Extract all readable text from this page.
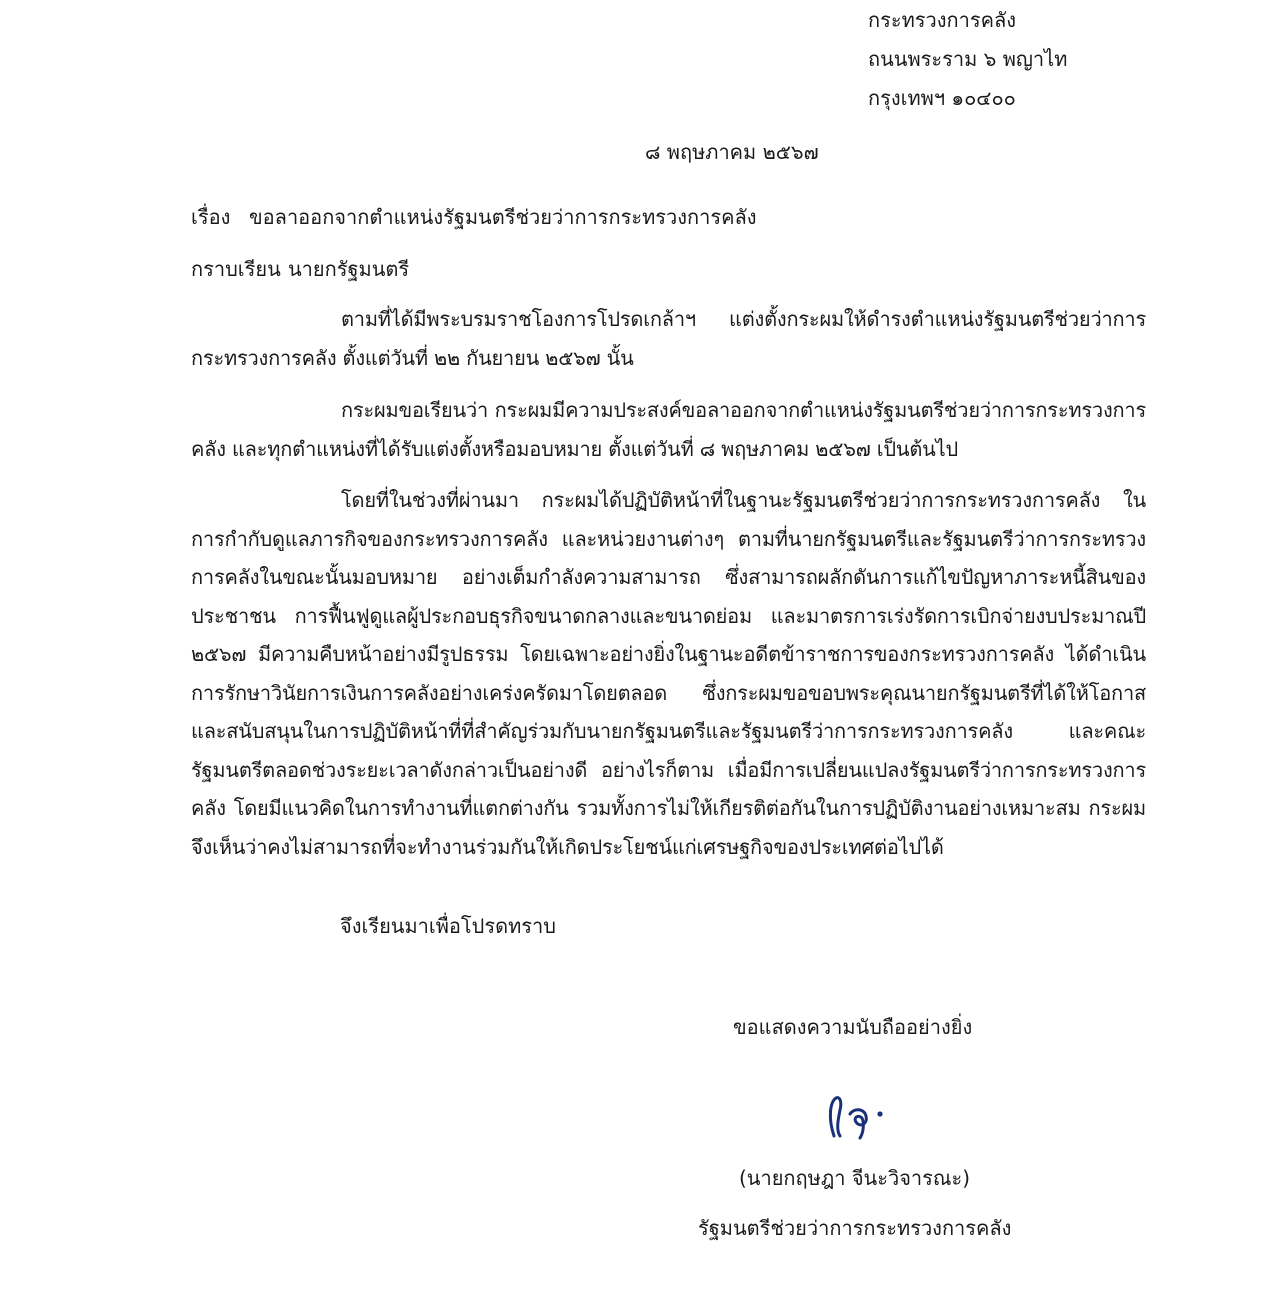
กระทรวงการคลัง
ถนนพระราม ๖ พญาไท
กรุงเทพฯ ๑๐๔๐๐
๘ พฤษภาคม ๒๕๖๗
เรื่อง ขอลาออกจากตำแหน่งรัฐมนตรีช่วยว่าการกระทรวงการคลัง
กราบเรียน นายกรัฐมนตรี

ตามที่ได้มีพระบรมราชโองการโปรดเกล้าฯ แต่งตั้งกระผมให้ดำรงตำแหน่งรัฐมนตรีช่วยว่าการกระทรวงการคลัง ตั้งแต่วันที่ ๒๒ กันยายน ๒๕๖๗ นั้น

กระผมขอเรียนว่า กระผมมีความประสงค์ขอลาออกจากตำแหน่งรัฐมนตรีช่วยว่าการกระทรวงการคลัง และทุกตำแหน่งที่ได้รับแต่งตั้งหรือมอบหมาย ตั้งแต่วันที่ ๘ พฤษภาคม ๒๕๖๗ เป็นต้นไป

โดยที่ในช่วงที่ผ่านมา กระผมได้ปฏิบัติหน้าที่ในฐานะรัฐมนตรีช่วยว่าการกระทรวงการคลัง ในการกำกับดูแลภารกิจของกระทรวงการคลัง และหน่วยงานต่างๆ ตามที่นายกรัฐมนตรีและรัฐมนตรีว่าการกระทรวงการคลังในขณะนั้นมอบหมาย อย่างเต็มกำลังความสามารถ ซึ่งสามารถผลักดันการแก้ไขปัญหาภาระหนี้สินของประชาชน การฟื้นฟูดูแลผู้ประกอบธุรกิจขนาดกลางและขนาดย่อม และมาตรการเร่งรัดการเบิกจ่ายงบประมาณปี ๒๕๖๗ มีความคืบหน้าอย่างมีรูปธรรม โดยเฉพาะอย่างยิ่งในฐานะอดีตข้าราชการของกระทรวงการคลัง ได้ดำเนินการรักษาวินัยการเงินการคลังอย่างเคร่งครัดมาโดยตลอด ซึ่งกระผมขอขอบพระคุณนายกรัฐมนตรีที่ได้ให้โอกาสและสนับสนุนในการปฏิบัติหน้าที่ที่สำคัญร่วมกับนายกรัฐมนตรีและรัฐมนตรีว่าการกระทรวงการคลัง และคณะรัฐมนตรีตลอดช่วงระยะเวลาดังกล่าวเป็นอย่างดี อย่างไรก็ตาม เมื่อมีการเปลี่ยนแปลงรัฐมนตรีว่าการกระทรวงการคลัง โดยมีแนวคิดในการทำงานที่แตกต่างกัน รวมทั้งการไม่ให้เกียรติต่อกันในการปฏิบัติงานอย่างเหมาะสม กระผมจึงเห็นว่าคงไม่สามารถที่จะทำงานร่วมกันให้เกิดประโยชน์แก่เศรษฐกิจของประเทศต่อไปได้

จึงเรียนมาเพื่อโปรดทราบ
ขอแสดงความนับถืออย่างยิ่ง
(นายกฤษฎา จีนะวิจารณะ)
รัฐมนตรีช่วยว่าการกระทรวงการคลัง
